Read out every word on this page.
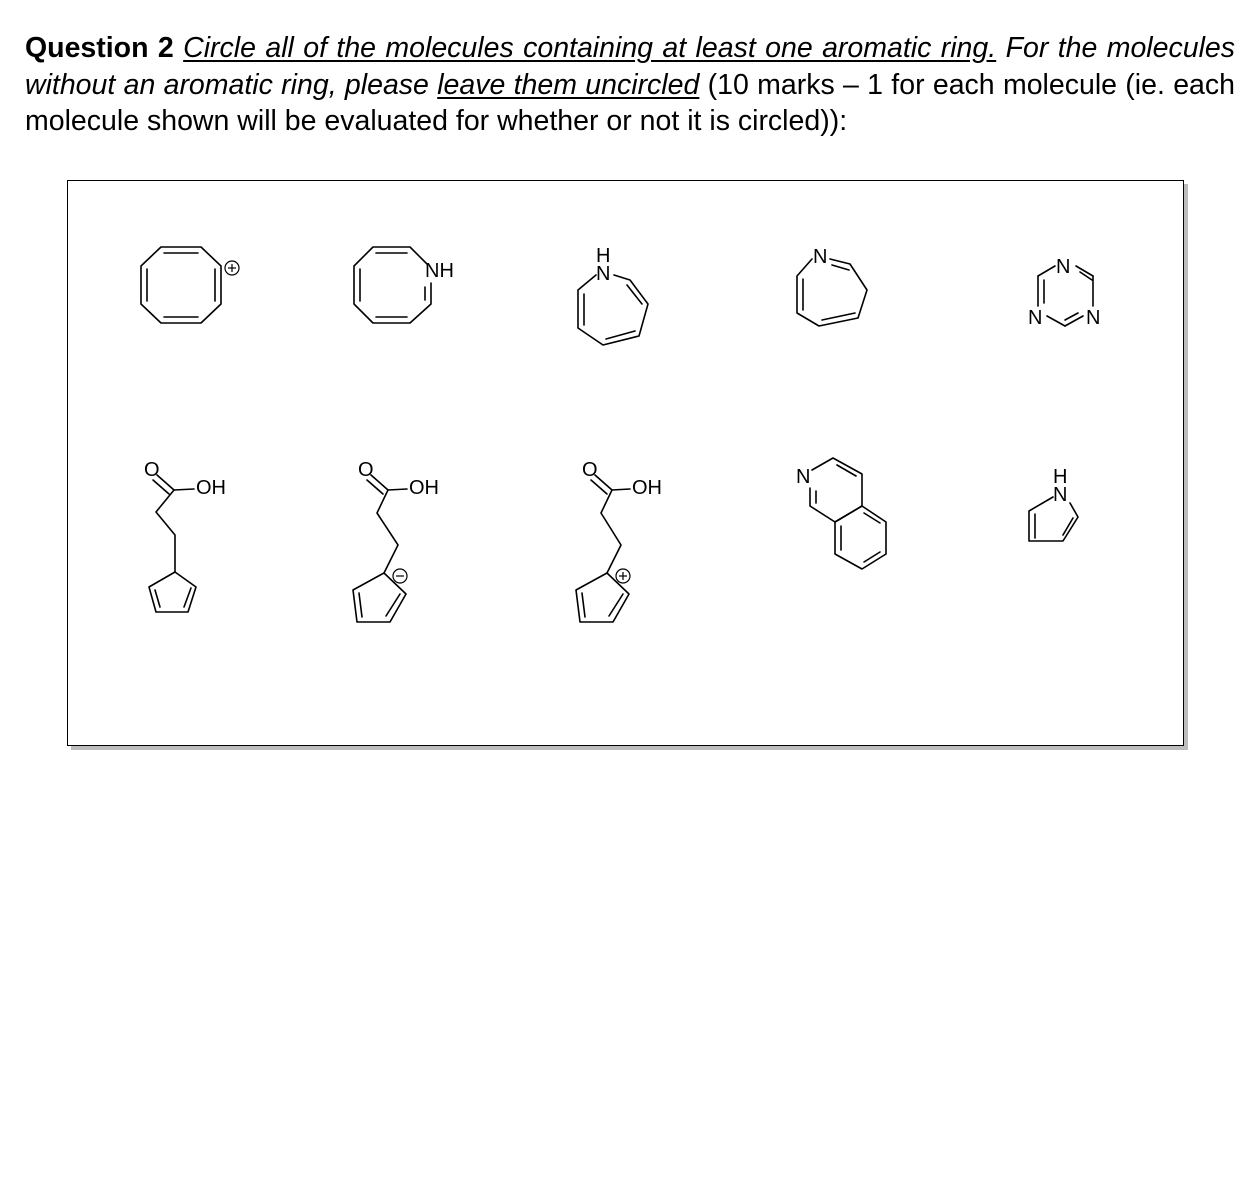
Question 2 Circle all of the molecules containing at least one aromatic ring. For the molecules without an aromatic ring, please leave them uncircled (10 marks – 1 for each molecule (ie. each molecule shown will be evaluated for whether or not it is circled)):
NH
H
N
N	N
N N
O
OH
O
OH
O
OH	N	H
N
